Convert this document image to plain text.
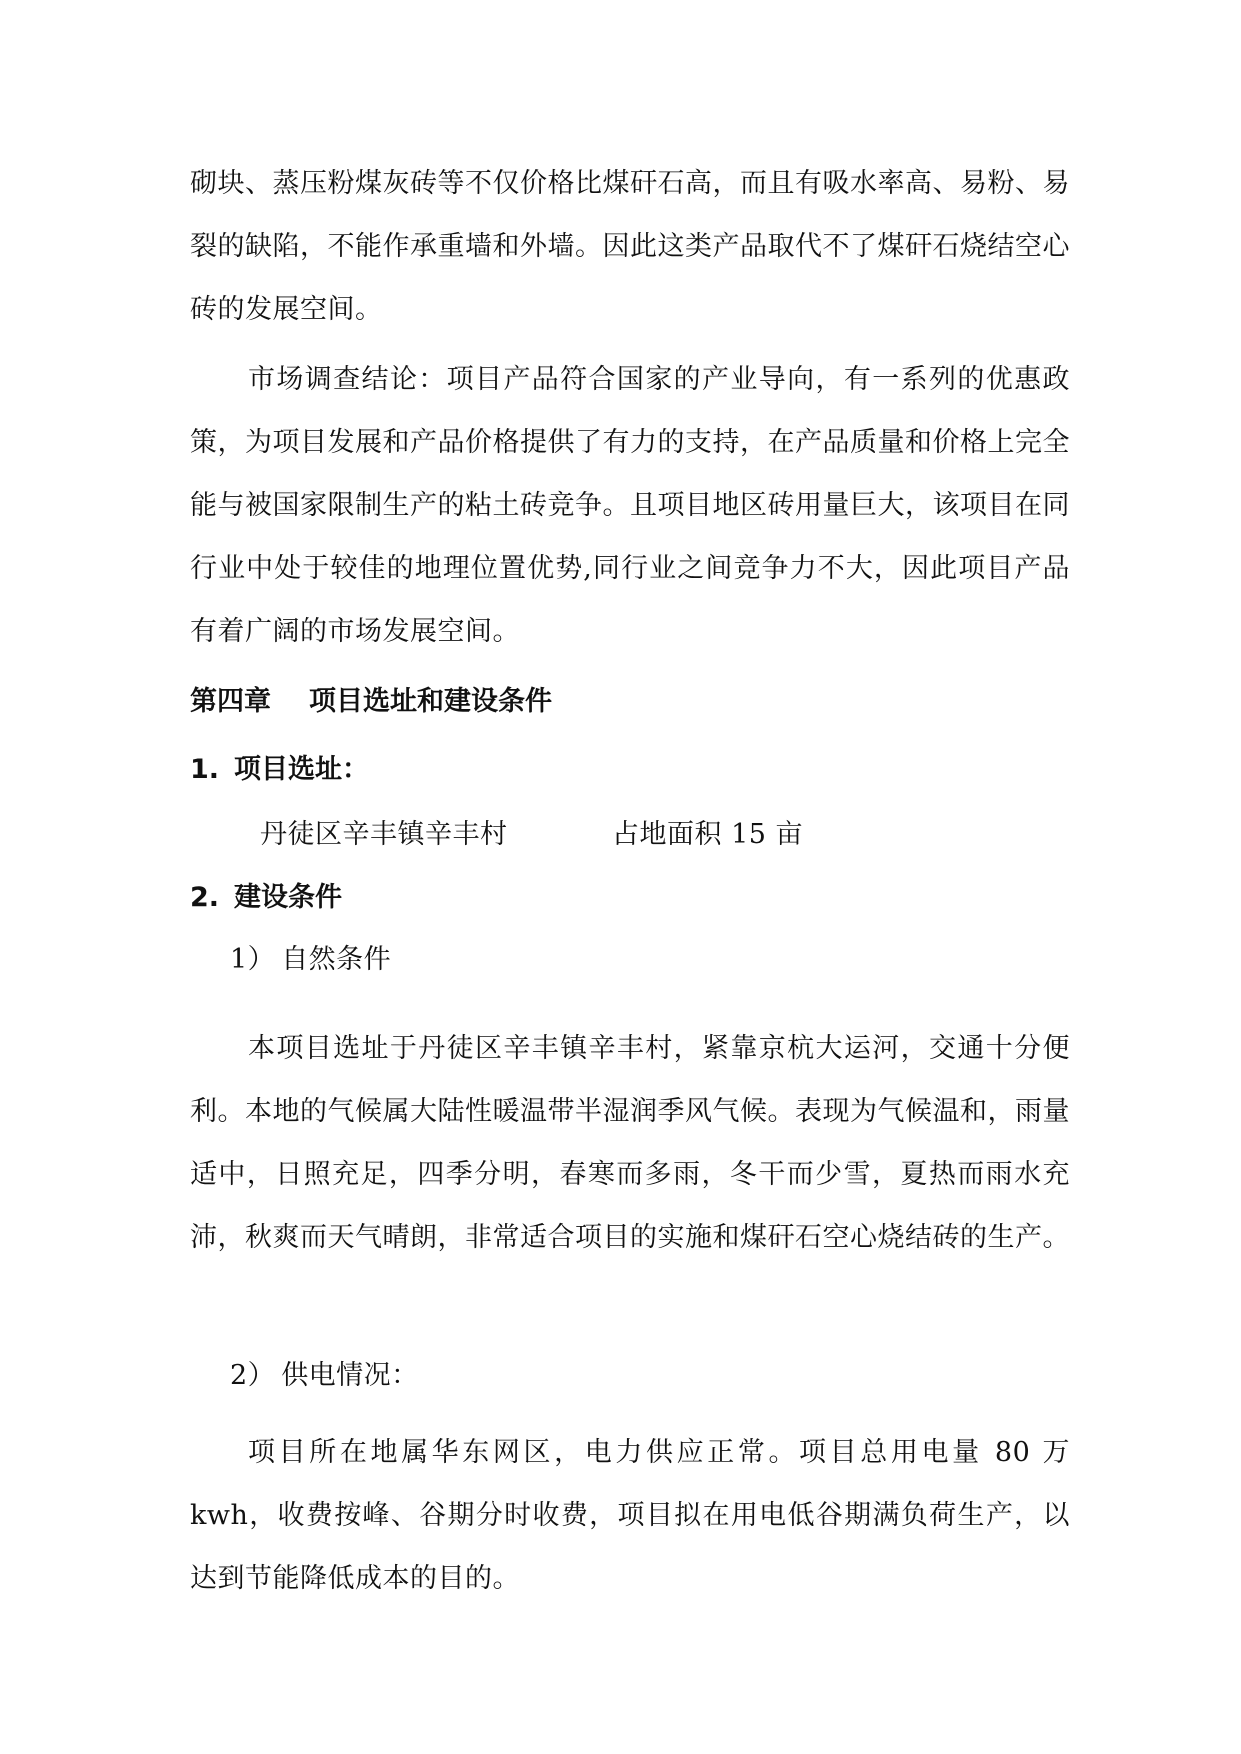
砌块、蒸压粉煤灰砖等不仅价格比煤矸石高，而且有吸水率高、易粉、易裂的缺陷，不能作承重墙和外墙。因此这类产品取代不了煤矸石烧结空心砖的发展空间。

市场调查结论：项目产品符合国家的产业导向，有一系列的优惠政策，为项目发展和产品价格提供了有力的支持，在产品质量和价格上完全能与被国家限制生产的粘土砖竞争。且项目地区砖用量巨大，该项目在同行业中处于较佳的地理位置优势,同行业之间竞争力不大，因此项目产品有着广阔的市场发展空间。

第四章 项目选址和建设条件
1. 项目选址：

丹徒区辛丰镇辛丰村	占地面积 15 亩

2. 建设条件

1） 自然条件

本项目选址于丹徒区辛丰镇辛丰村，紧靠京杭大运河，交通十分便利。本地的气候属大陆性暖温带半湿润季风气候。表现为气候温和，雨量适中，日照充足，四季分明，春寒而多雨，冬干而少雪，夏热而雨水充沛，秋爽而天气晴朗，非常适合项目的实施和煤矸石空心烧结砖的生产。

2） 供电情况：

项目所在地属华东网区，电力供应正常。项目总用电量 80 万 kwh，收费按峰、谷期分时收费，项目拟在用电低谷期满负荷生产，以达到节能降低成本的目的。
